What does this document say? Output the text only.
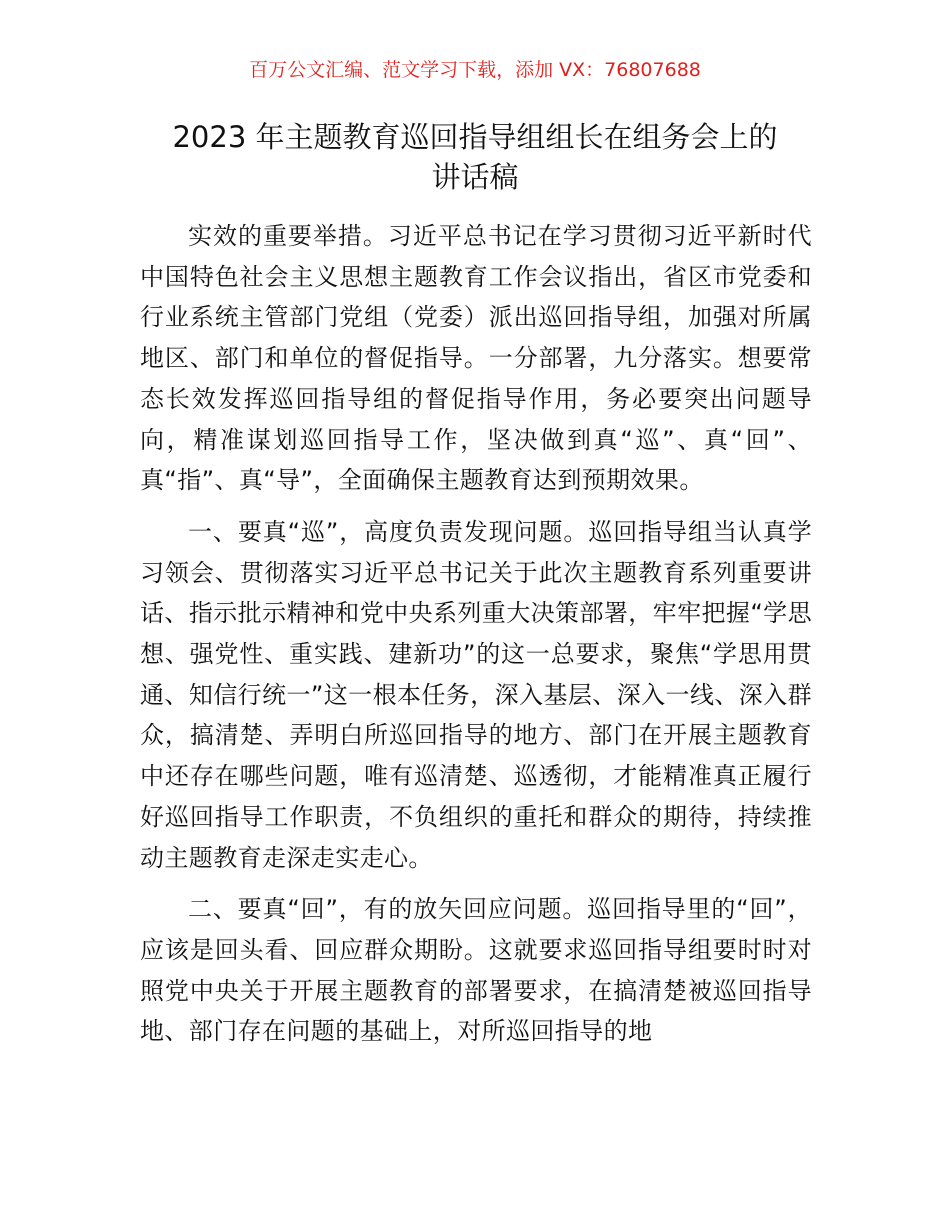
百万公文汇编、范文学习下载，添加 VX：76807688
2023 年主题教育巡回指导组组长在组务会上的
讲话稿

实效的重要举措。习近平总书记在学习贯彻习近平新时代中国特色社会主义思想主题教育工作会议指出，省区市党委和行业系统主管部门党组（党委）派出巡回指导组，加强对所属地区、部门和单位的督促指导。一分部署，九分落实。想要常态长效发挥巡回指导组的督促指导作用，务必要突出问题导向，精准谋划巡回指导工作，坚决做到真“巡”、真“回”、真“指”、真“导”，全面确保主题教育达到预期效果。

一、要真“巡”，高度负责发现问题。巡回指导组当认真学习领会、贯彻落实习近平总书记关于此次主题教育系列重要讲话、指示批示精神和党中央系列重大决策部署，牢牢把握“学思想、强党性、重实践、建新功”的这一总要求，聚焦“学思用贯通、知信行统一”这一根本任务，深入基层、深入一线、深入群众，搞清楚、弄明白所巡回指导的地方、部门在开展主题教育中还存在哪些问题，唯有巡清楚、巡透彻，才能精准真正履行好巡回指导工作职责，不负组织的重托和群众的期待，持续推动主题教育走深走实走心。

二、要真“回”，有的放矢回应问题。巡回指导里的“回”，应该是回头看、回应群众期盼。这就要求巡回指导组要时时对照党中央关于开展主题教育的部署要求，在搞清楚被巡回指导地、部门存在问题的基础上，对所巡回指导的地
